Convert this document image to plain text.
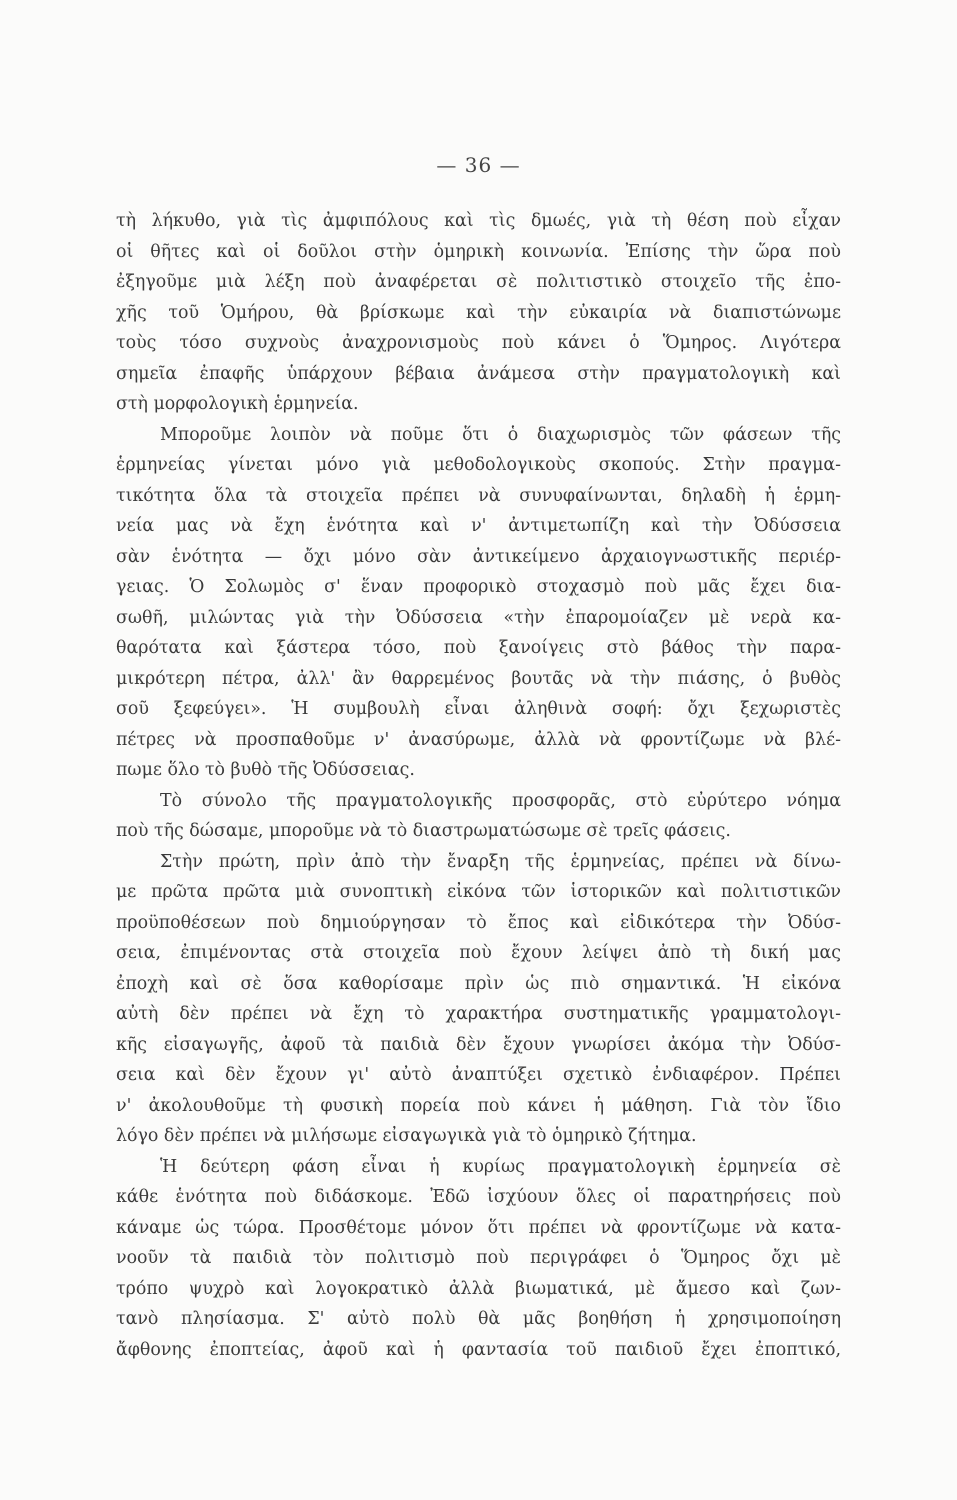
— 36 —
τὴ λήκυθο, γιὰ τὶς ἀμφιπόλους καὶ τὶς δμωές, γιὰ τὴ θέση ποὺ εἶχαν
οἱ θῆτες καὶ οἱ δοῦλοι στὴν ὁμηρικὴ κοινωνία. Ἐπίσης τὴν ὥρα ποὺ
ἐξηγοῦμε μιὰ λέξη ποὺ ἀναφέρεται σὲ πολιτιστικὸ στοιχεῖο τῆς ἐπο-
χῆς τοῦ Ὁμήρου, θὰ βρίσκωμε καὶ τὴν εὐκαιρία νὰ διαπιστώνωμε
τοὺς τόσο συχνοὺς ἀναχρονισμοὺς ποὺ κάνει ὁ Ὅμηρος. Λιγότερα
σημεῖα ἐπαφῆς ὑπάρχουν βέβαια ἀνάμεσα στὴν πραγματολογικὴ καὶ
στὴ μορφολογικὴ ἑρμηνεία.
Μποροῦμε λοιπὸν νὰ ποῦμε ὅτι ὁ διαχωρισμὸς τῶν φάσεων τῆς
ἑρμηνείας γίνεται μόνο γιὰ μεθοδολογικοὺς σκοπούς. Στὴν πραγμα-
τικότητα ὅλα τὰ στοιχεῖα πρέπει νὰ συνυφαίνωνται, δηλαδὴ ἡ ἑρμη-
νεία μας νὰ ἔχη ἑνότητα καὶ ν' ἀντιμετωπίζη καὶ τὴν Ὀδύσσεια
σὰν ἑνότητα — ὄχι μόνο σὰν ἀντικείμενο ἀρχαιογνωστικῆς περιέρ-
γειας. Ὁ Σολωμὸς σ' ἕναν προφορικὸ στοχασμὸ ποὺ μᾶς ἔχει δια-
σωθῆ, μιλώντας γιὰ τὴν Ὀδύσσεια «τὴν ἐπαρομοίαζεν μὲ νερὰ κα-
θαρότατα καὶ ξάστερα τόσο, ποὺ ξανοίγεις στὸ βάθος τὴν παρα-
μικρότερη πέτρα, ἀλλ' ἂν θαρρεμένος βουτᾶς νὰ τὴν πιάσης, ὁ βυθὸς
σοῦ ξεφεύγει». Ἡ συμβουλὴ εἶναι ἀληθινὰ σοφή: ὄχι ξεχωριστὲς
πέτρες νὰ προσπαθοῦμε ν' ἀνασύρωμε, ἀλλὰ νὰ φροντίζωμε νὰ βλέ-
πωμε ὅλο τὸ βυθὸ τῆς Ὀδύσσειας.
Τὸ σύνολο τῆς πραγματολογικῆς προσφορᾶς, στὸ εὐρύτερο νόημα
ποὺ τῆς δώσαμε, μποροῦμε νὰ τὸ διαστρωματώσωμε σὲ τρεῖς φάσεις.
Στὴν πρώτη, πρὶν ἀπὸ τὴν ἔναρξη τῆς ἑρμηνείας, πρέπει νὰ δίνω-
με πρῶτα πρῶτα μιὰ συνοπτικὴ εἰκόνα τῶν ἱστορικῶν καὶ πολιτιστικῶν
προϋποθέσεων ποὺ δημιούργησαν τὸ ἔπος καὶ εἰδικότερα τὴν Ὀδύσ-
σεια, ἐπιμένοντας στὰ στοιχεῖα ποὺ ἔχουν λείψει ἀπὸ τὴ δική μας
ἐποχὴ καὶ σὲ ὅσα καθορίσαμε πρὶν ὡς πιὸ σημαντικά. Ἡ εἰκόνα
αὐτὴ δὲν πρέπει νὰ ἔχη τὸ χαρακτήρα συστηματικῆς γραμματολογι-
κῆς εἰσαγωγῆς, ἀφοῦ τὰ παιδιὰ δὲν ἔχουν γνωρίσει ἀκόμα τὴν Ὀδύσ-
σεια καὶ δὲν ἔχουν γι' αὐτὸ ἀναπτύξει σχετικὸ ἐνδιαφέρον. Πρέπει
ν' ἀκολουθοῦμε τὴ φυσικὴ πορεία ποὺ κάνει ἡ μάθηση. Γιὰ τὸν ἴδιο
λόγο δὲν πρέπει νὰ μιλήσωμε εἰσαγωγικὰ γιὰ τὸ ὁμηρικὸ ζήτημα.
Ἡ δεύτερη φάση εἶναι ἡ κυρίως πραγματολογικὴ ἑρμηνεία σὲ
κάθε ἑνότητα ποὺ διδάσκομε. Ἐδῶ ἰσχύουν ὅλες οἱ παρατηρήσεις ποὺ
κάναμε ὡς τώρα. Προσθέτομε μόνον ὅτι πρέπει νὰ φροντίζωμε νὰ κατα-
νοοῦν τὰ παιδιὰ τὸν πολιτισμὸ ποὺ περιγράφει ὁ Ὅμηρος ὄχι μὲ
τρόπο ψυχρὸ καὶ λογοκρατικὸ ἀλλὰ βιωματικά, μὲ ἄμεσο καὶ ζων-
τανὸ πλησίασμα. Σ' αὐτὸ πολὺ θὰ μᾶς βοηθήση ἡ χρησιμοποίηση
ἄφθονης ἐποπτείας, ἀφοῦ καὶ ἡ φαντασία τοῦ παιδιοῦ ἔχει ἐποπτικό,
